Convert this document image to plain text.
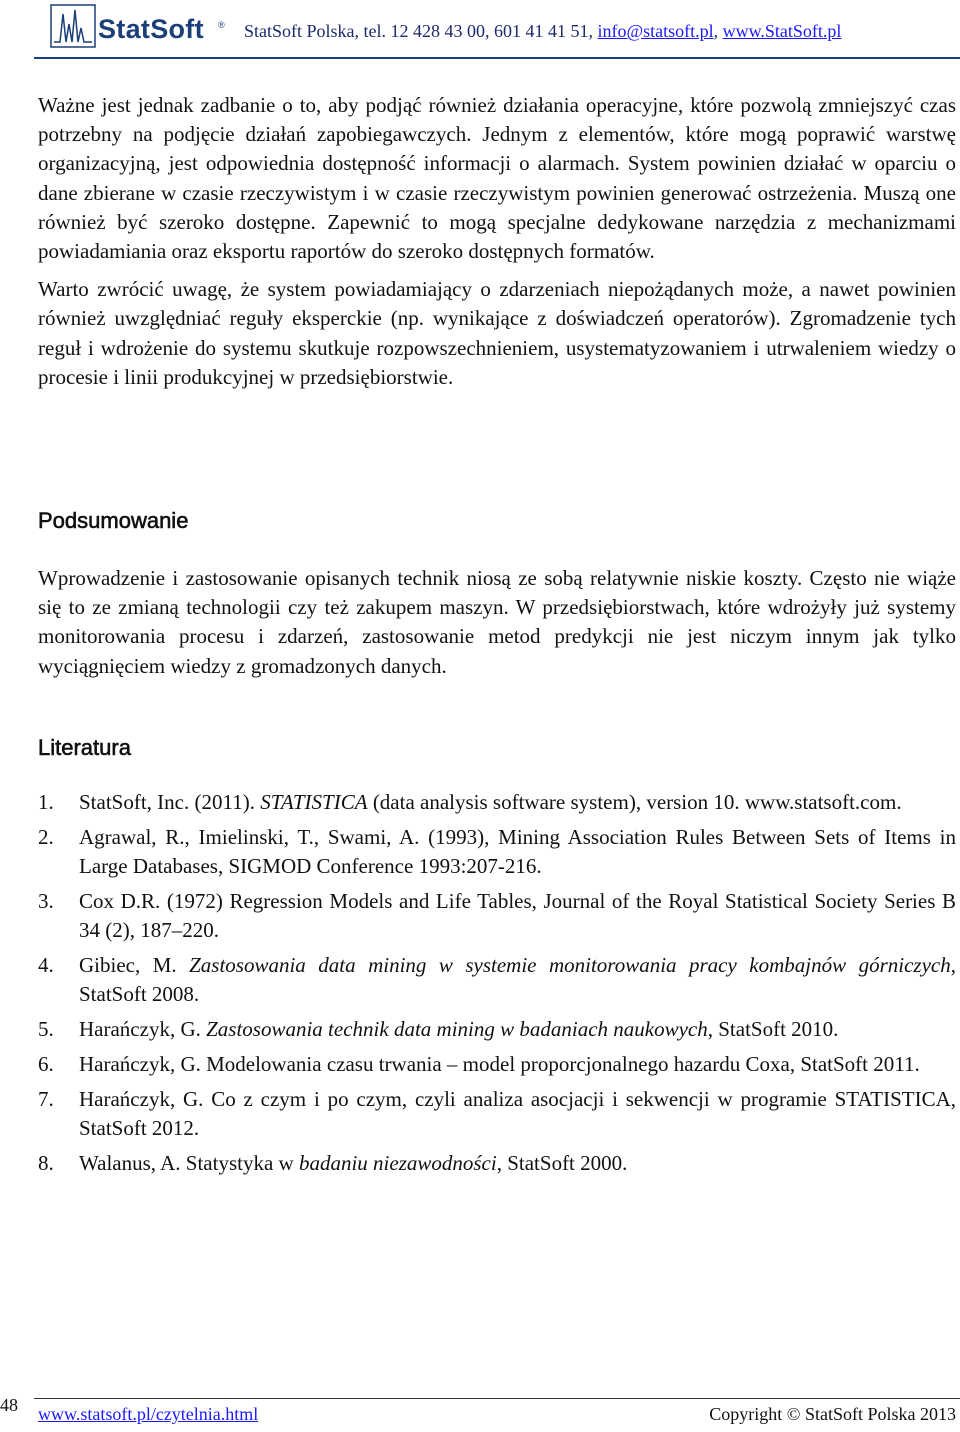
StatSoft ® StatSoft Polska, tel. 12 428 43 00, 601 41 41 51, info@statsoft.pl, www.StatSoft.pl

Ważne jest jednak zadbanie o to, aby podjąć również działania operacyjne, które pozwolą zmniejszyć czas potrzebny na podjęcie działań zapobiegawczych. Jednym z elementów, które mogą poprawić warstwę organizacyjną, jest odpowiednia dostępność informacji o alarmach. System powinien działać w oparciu o dane zbierane w czasie rzeczywistym i w czasie rzeczywistym powinien generować ostrzeżenia. Muszą one również być szeroko dostępne. Zapewnić to mogą specjalne dedykowane narzędzia z mechanizmami powiadamiania oraz eksportu raportów do szeroko dostępnych formatów.

Warto zwrócić uwagę, że system powiadamiający o zdarzeniach niepożądanych może, a nawet powinien również uwzględniać reguły eksperckie (np. wynikające z doświadczeń operatorów). Zgromadzenie tych reguł i wdrożenie do systemu skutkuje rozpowszechnieniem, usystematyzowaniem i utrwaleniem wiedzy o procesie i linii produkcyjnej w przedsiębiorstwie.

Podsumowanie

Wprowadzenie i zastosowanie opisanych technik niosą ze sobą relatywnie niskie koszty. Często nie wiąże się to ze zmianą technologii czy też zakupem maszyn. W przedsiębiorstwach, które wdrożyły już systemy monitorowania procesu i zdarzeń, zastosowanie metod predykcji nie jest niczym innym jak tylko wyciągnięciem wiedzy z gromadzonych danych.

Literatura
1. StatSoft, Inc. (2011). STATISTICA (data analysis software system), version 10. www.statsoft.com.
2. Agrawal, R., Imielinski, T., Swami, A. (1993), Mining Association Rules Between Sets of Items in Large Databases, SIGMOD Conference 1993:207-216.
3. Cox D.R. (1972) Regression Models and Life Tables, Journal of the Royal Statistical Society Series B 34 (2), 187–220.
4. Gibiec, M. Zastosowania data mining w systemie monitorowania pracy kombajnów górniczych, StatSoft 2008.
5. Harańczyk, G. Zastosowania technik data mining w badaniach naukowych, StatSoft 2010.
6. Harańczyk, G. Modelowania czasu trwania – model proporcjonalnego hazardu Coxa, StatSoft 2011.
7. Harańczyk, G. Co z czym i po czym, czyli analiza asocjacji i sekwencji w programie STATISTICA, StatSoft 2012.
8. Walanus, A. Statystyka w badaniu niezawodności, StatSoft 2000.
48 www.statsoft.pl/czytelnia.html	Copyright © StatSoft Polska 2013
